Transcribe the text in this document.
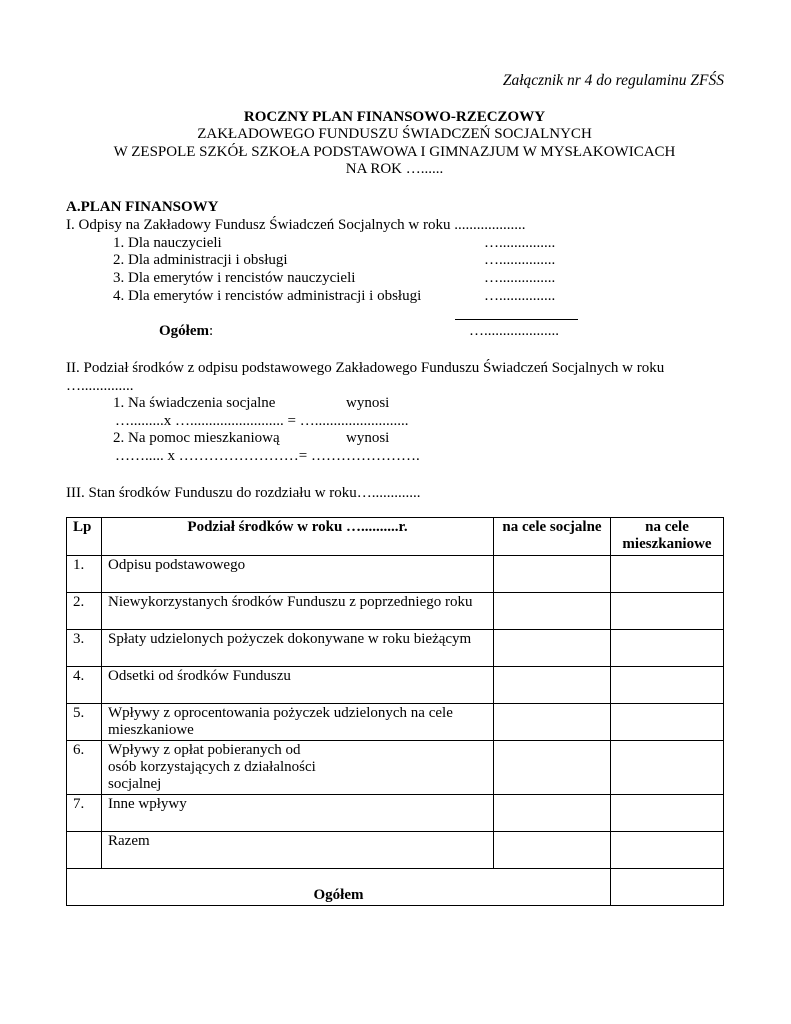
Załącznik nr 4 do regulaminu ZFŚS
ROCZNY PLAN FINANSOWO-RZECZOWY
ZAKŁADOWEGO FUNDUSZU ŚWIADCZEŃ SOCJALNYCH
W ZESPOLE SZKÓŁ SZKOŁA PODSTAWOWA I GIMNAZJUM W MYSŁAKOWICACH
NA ROK …......
A.PLAN FINANSOWY
I. Odpisy na Zakładowy Fundusz Świadczeń Socjalnych w roku ...................
1. Dla nauczycieli	…...............
2. Dla administracji i obsługi	…...............
3. Dla emerytów i rencistów nauczycieli	…...............
4. Dla emerytów i rencistów administracji i obsługi	…...............
Ogółem:	…....................
II. Podział środków z odpisu podstawowego Zakładowego Funduszu Świadczeń Socjalnych w roku
…..............
1. Na świadczenia socjalne	wynosi
….........x …......................... = ….........................
2. Na pomoc mieszkaniową	wynosi
……..... x ……………………= ………………….
III. Stan środków Funduszu do rozdziału w roku….............
Lp	Podział środków w roku …..........r.	na cele socjalne	na cele mieszkaniowe
1.	Odpisu podstawowego		
2.	Niewykorzystanych środków Funduszu z poprzedniego roku		
3.	Spłaty udzielonych pożyczek dokonywane w roku bieżącym		
4.	Odsetki od środków Funduszu		
5.	Wpływy z oprocentowania pożyczek udzielonych na cele mieszkaniowe		
6.	Wpływy z opłat pobieranych od osób korzystających z działalności socjalnej		
7.	Inne wpływy		
	Razem		
Ogółem			
